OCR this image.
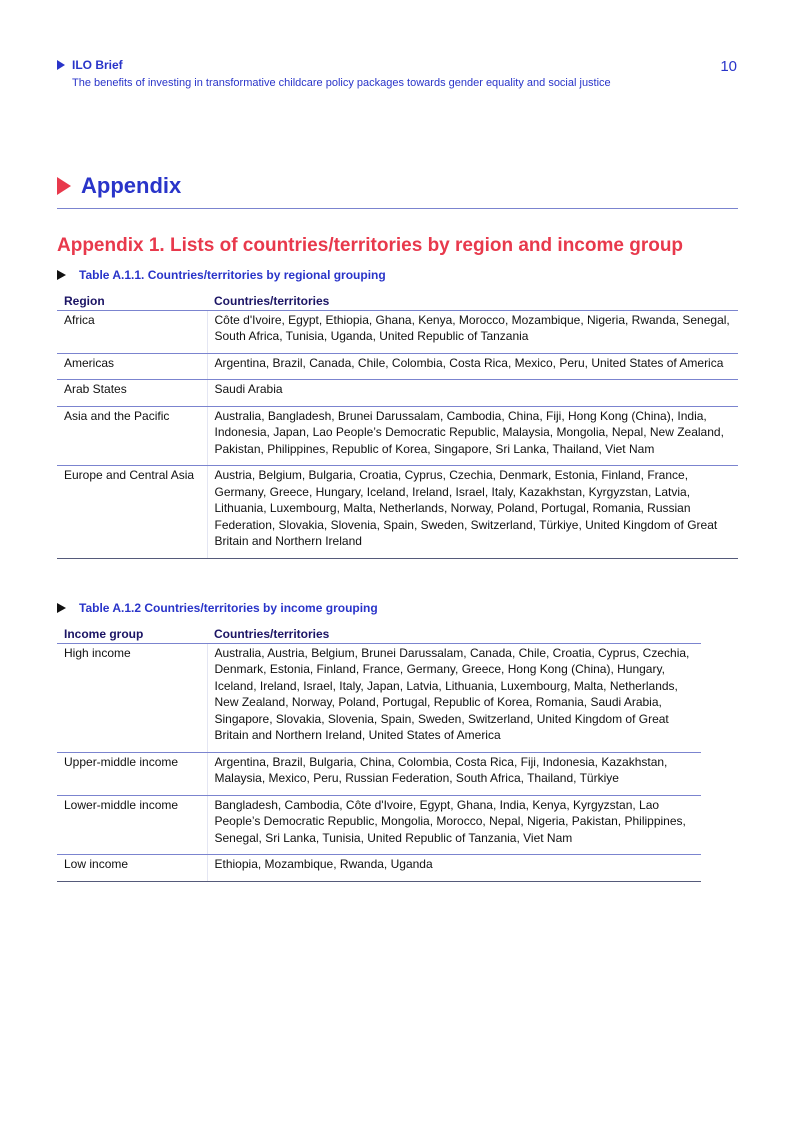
ILO Brief
The benefits of investing in transformative childcare policy packages towards gender equality and social justice
10
Appendix
Appendix 1. Lists of countries/territories by region and income group
Table A.1.1. Countries/territories by regional grouping
Region	Countries/territories
Africa	Côte d'Ivoire, Egypt, Ethiopia, Ghana, Kenya, Morocco, Mozambique, Nigeria, Rwanda, Senegal, South Africa, Tunisia, Uganda, United Republic of Tanzania
Americas	Argentina, Brazil, Canada, Chile, Colombia, Costa Rica, Mexico, Peru, United States of America
Arab States	Saudi Arabia
Asia and the Pacific	Australia, Bangladesh, Brunei Darussalam, Cambodia, China, Fiji, Hong Kong (China), India, Indonesia, Japan, Lao People’s Democratic Republic, Malaysia, Mongolia, Nepal, New Zealand, Pakistan, Philippines, Republic of Korea, Singapore, Sri Lanka, Thailand, Viet Nam
Europe and Central Asia	Austria, Belgium, Bulgaria, Croatia, Cyprus, Czechia, Denmark, Estonia, Finland, France, Germany, Greece, Hungary, Iceland, Ireland, Israel, Italy, Kazakhstan, Kyrgyzstan, Latvia, Lithuania, Luxembourg, Malta, Netherlands, Norway, Poland, Portugal, Romania, Russian Federation, Slovakia, Slovenia, Spain, Sweden, Switzerland, Türkiye, United Kingdom of Great Britain and Northern Ireland
Table A.1.2 Countries/territories by income grouping
Income group	Countries/territories
High income	Australia, Austria, Belgium, Brunei Darussalam, Canada, Chile, Croatia, Cyprus, Czechia, Denmark, Estonia, Finland, France, Germany, Greece, Hong Kong (China), Hungary, Iceland, Ireland, Israel, Italy, Japan, Latvia, Lithuania, Luxembourg, Malta, Netherlands, New Zealand, Norway, Poland, Portugal, Republic of Korea, Romania, Saudi Arabia, Singapore, Slovakia, Slovenia, Spain, Sweden, Switzerland, United Kingdom of Great Britain and Northern Ireland, United States of America
Upper-middle income	Argentina, Brazil, Bulgaria, China, Colombia, Costa Rica, Fiji, Indonesia, Kazakhstan, Malaysia, Mexico, Peru, Russian Federation, South Africa, Thailand, Türkiye
Lower-middle income	Bangladesh, Cambodia, Côte d'Ivoire, Egypt, Ghana, India, Kenya, Kyrgyzstan, Lao People’s Democratic Republic, Mongolia, Morocco, Nepal, Nigeria, Pakistan, Philippines, Senegal, Sri Lanka, Tunisia, United Republic of Tanzania, Viet Nam
Low income	Ethiopia, Mozambique, Rwanda, Uganda
